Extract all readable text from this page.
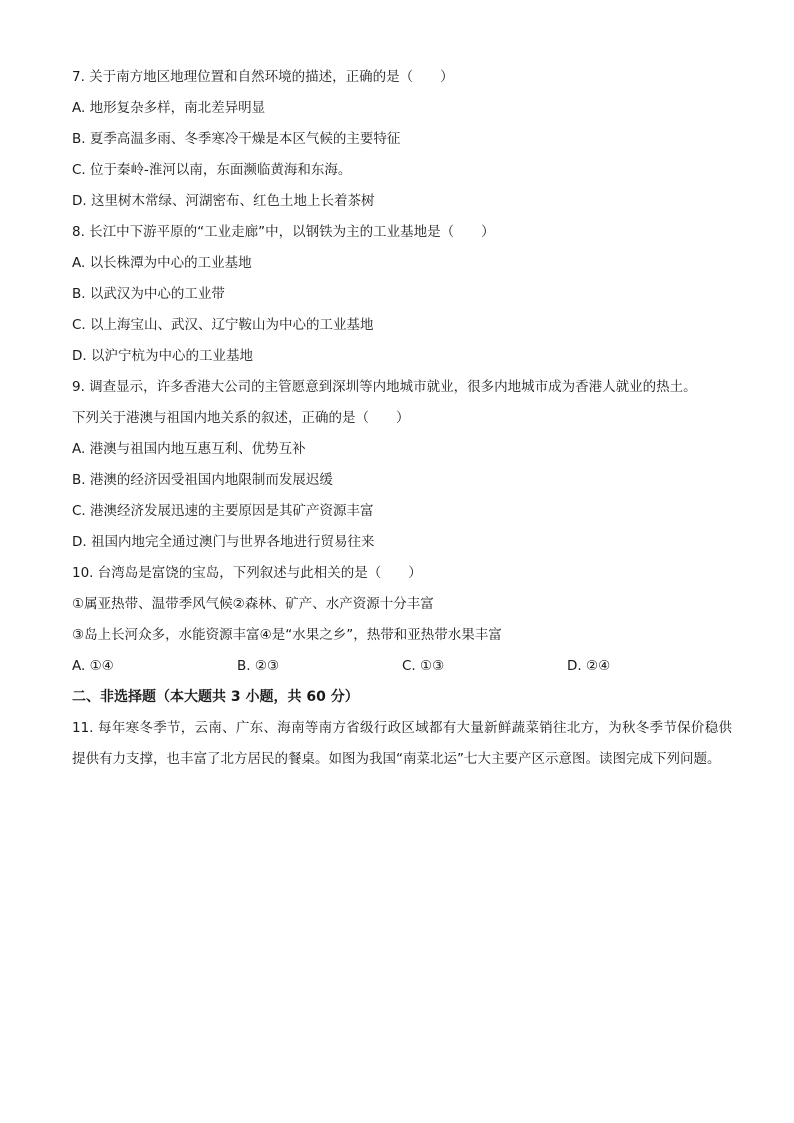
7. 关于南方地区地理位置和自然环境的描述，正确的是（　　）
A. 地形复杂多样，南北差异明显
B. 夏季高温多雨、冬季寒冷干燥是本区气候的主要特征
C. 位于秦岭-淮河以南，东面濒临黄海和东海。
D. 这里树木常绿、河湖密布、红色土地上长着茶树
8. 长江中下游平原的“工业走廊”中，以钢铁为主的工业基地是（　　）
A. 以长株潭为中心的工业基地
B. 以武汉为中心的工业带
C. 以上海宝山、武汉、辽宁鞍山为中心的工业基地
D. 以沪宁杭为中心的工业基地
9. 调查显示，许多香港大公司的主管愿意到深圳等内地城市就业，很多内地城市成为香港人就业的热土。
下列关于港澳与祖国内地关系的叙述，正确的是（　　）
A. 港澳与祖国内地互惠互利、优势互补
B. 港澳的经济因受祖国内地限制而发展迟缓
C. 港澳经济发展迅速的主要原因是其矿产资源丰富
D. 祖国内地完全通过澳门与世界各地进行贸易往来
10. 台湾岛是富饶的宝岛，下列叙述与此相关的是（　　）
①属亚热带、温带季风气候②森林、矿产、水产资源十分丰富
③岛上长河众多，水能资源丰富④是“水果之乡”，热带和亚热带水果丰富
A. ①④	B. ②③	C. ①③	D. ②④
二、非选择题（本大题共 3 小题，共 60 分）
11. 每年寒冬季节，云南、广东、海南等南方省级行政区域都有大量新鲜蔬菜销往北方，为秋冬季节保价稳供提供有力支撑，也丰富了北方居民的餐桌。如图为我国“南菜北运”七大主要产区示意图。读图完成下列问题。
